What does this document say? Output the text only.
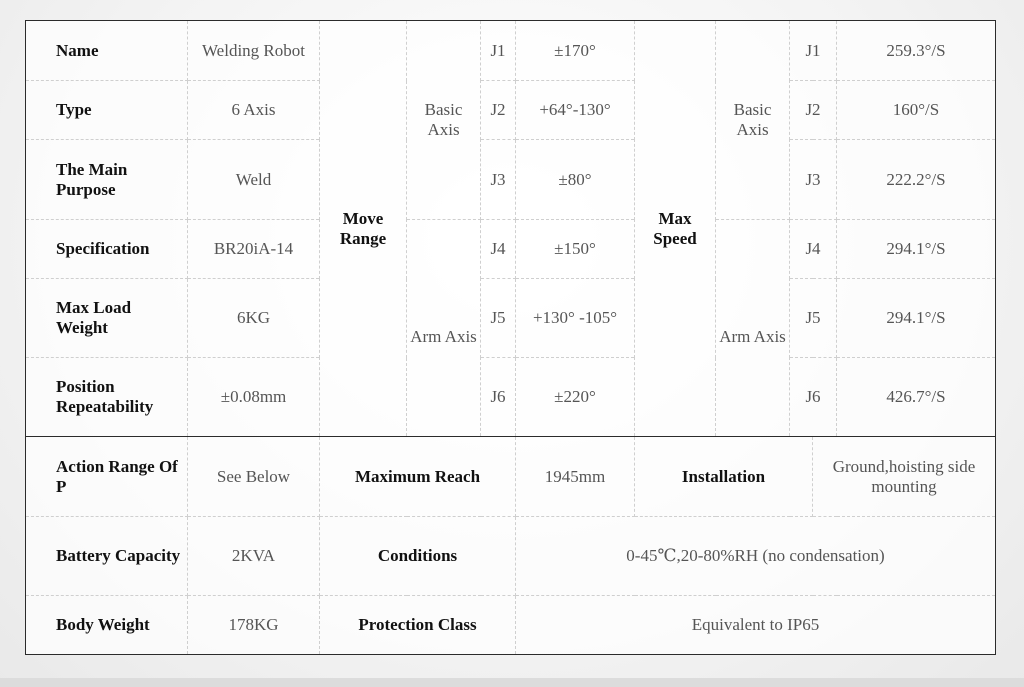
Name	Welding Robot	Move Range	Basic Axis	J1	±170°	Max Speed	Basic Axis	J1		259.3°/S
Type	6 Axis			J2	+64°-130°			J2		160°/S
The Main Purpose	Weld			J3	±80°			J3		222.2°/S
Specification	BR20iA-14		Arm Axis	J4	±150°		Arm Axis	J4		294.1°/S
Max Load Weight	6KG			J5	+130° -105°			J5		294.1°/S
Position Repeatability	±0.08mm			J6	±220°			J6		426.7°/S
Action Range Of P	See Below	Maximum Reach			1945mm	Installation			Ground,hoisting side mounting	
Battery Capacity	2KVA	Conditions			0-45℃,20-80%RH (no condensation)					
Body Weight	178KG	Protection Class			Equivalent to IP65					
